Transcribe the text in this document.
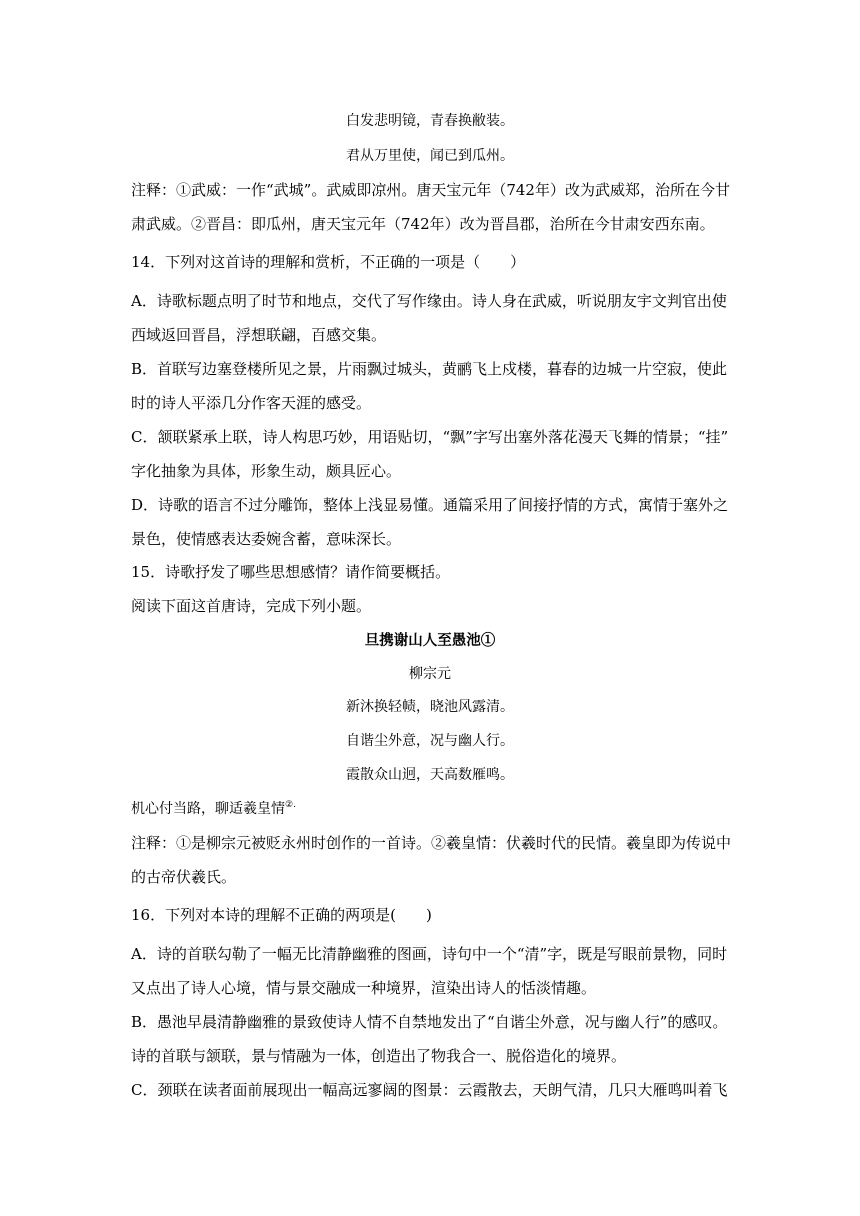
白发悲明镜，青春换敝装。
君从万里使，闻已到瓜州。
注释：①武威：一作“武城”。武威即凉州。唐天宝元年（742年）改为武威郑，治所在今甘
肃武威。②晋昌：即瓜州，唐天宝元年（742年）改为晋昌郡，治所在今甘肃安西东南。
14．下列对这首诗的理解和赏析，不正确的一项是（　　）
A．诗歌标题点明了时节和地点，交代了写作缘由。诗人身在武威，听说朋友宇文判官出使
西域返回晋昌，浮想联翩，百感交集。
B．首联写边塞登楼所见之景，片雨飘过城头，黄鹂飞上戍楼，暮春的边城一片空寂，使此
时的诗人平添几分作客天涯的感受。
C．颔联紧承上联，诗人构思巧妙，用语贴切，“飘”字写出塞外落花漫天飞舞的情景；“挂”
字化抽象为具体，形象生动，颇具匠心。
D．诗歌的语言不过分雕饰，整体上浅显易懂。通篇采用了间接抒情的方式，寓情于塞外之
景色，使情感表达委婉含蓄，意味深长。
15．诗歌抒发了哪些思想感情？请作简要概括。
阅读下面这首唐诗，完成下列小题。
旦携谢山人至愚池①
柳宗元
新沐换轻帻，晓池风露清。
自谐尘外意，况与幽人行。
霞散众山迥，天高数雁鸣。
机心付当路，聊适羲皇情②.
注释：①是柳宗元被贬永州时创作的一首诗。②羲皇情：伏羲时代的民情。羲皇即为传说中
的古帝伏羲氏。
16．下列对本诗的理解不正确的两项是(　　)
A．诗的首联勾勒了一幅无比清静幽雅的图画，诗句中一个“清”字，既是写眼前景物，同时
又点出了诗人心境，情与景交融成一种境界，渲染出诗人的恬淡情趣。
B．愚池早晨清静幽雅的景致使诗人情不自禁地发出了“自谐尘外意，况与幽人行”的感叹。
诗的首联与颔联，景与情融为一体，创造出了物我合一、脱俗造化的境界。
C．颈联在读者面前展现出一幅高远寥阔的图景：云霞散去，天朗气清，几只大雁鸣叫着飞
